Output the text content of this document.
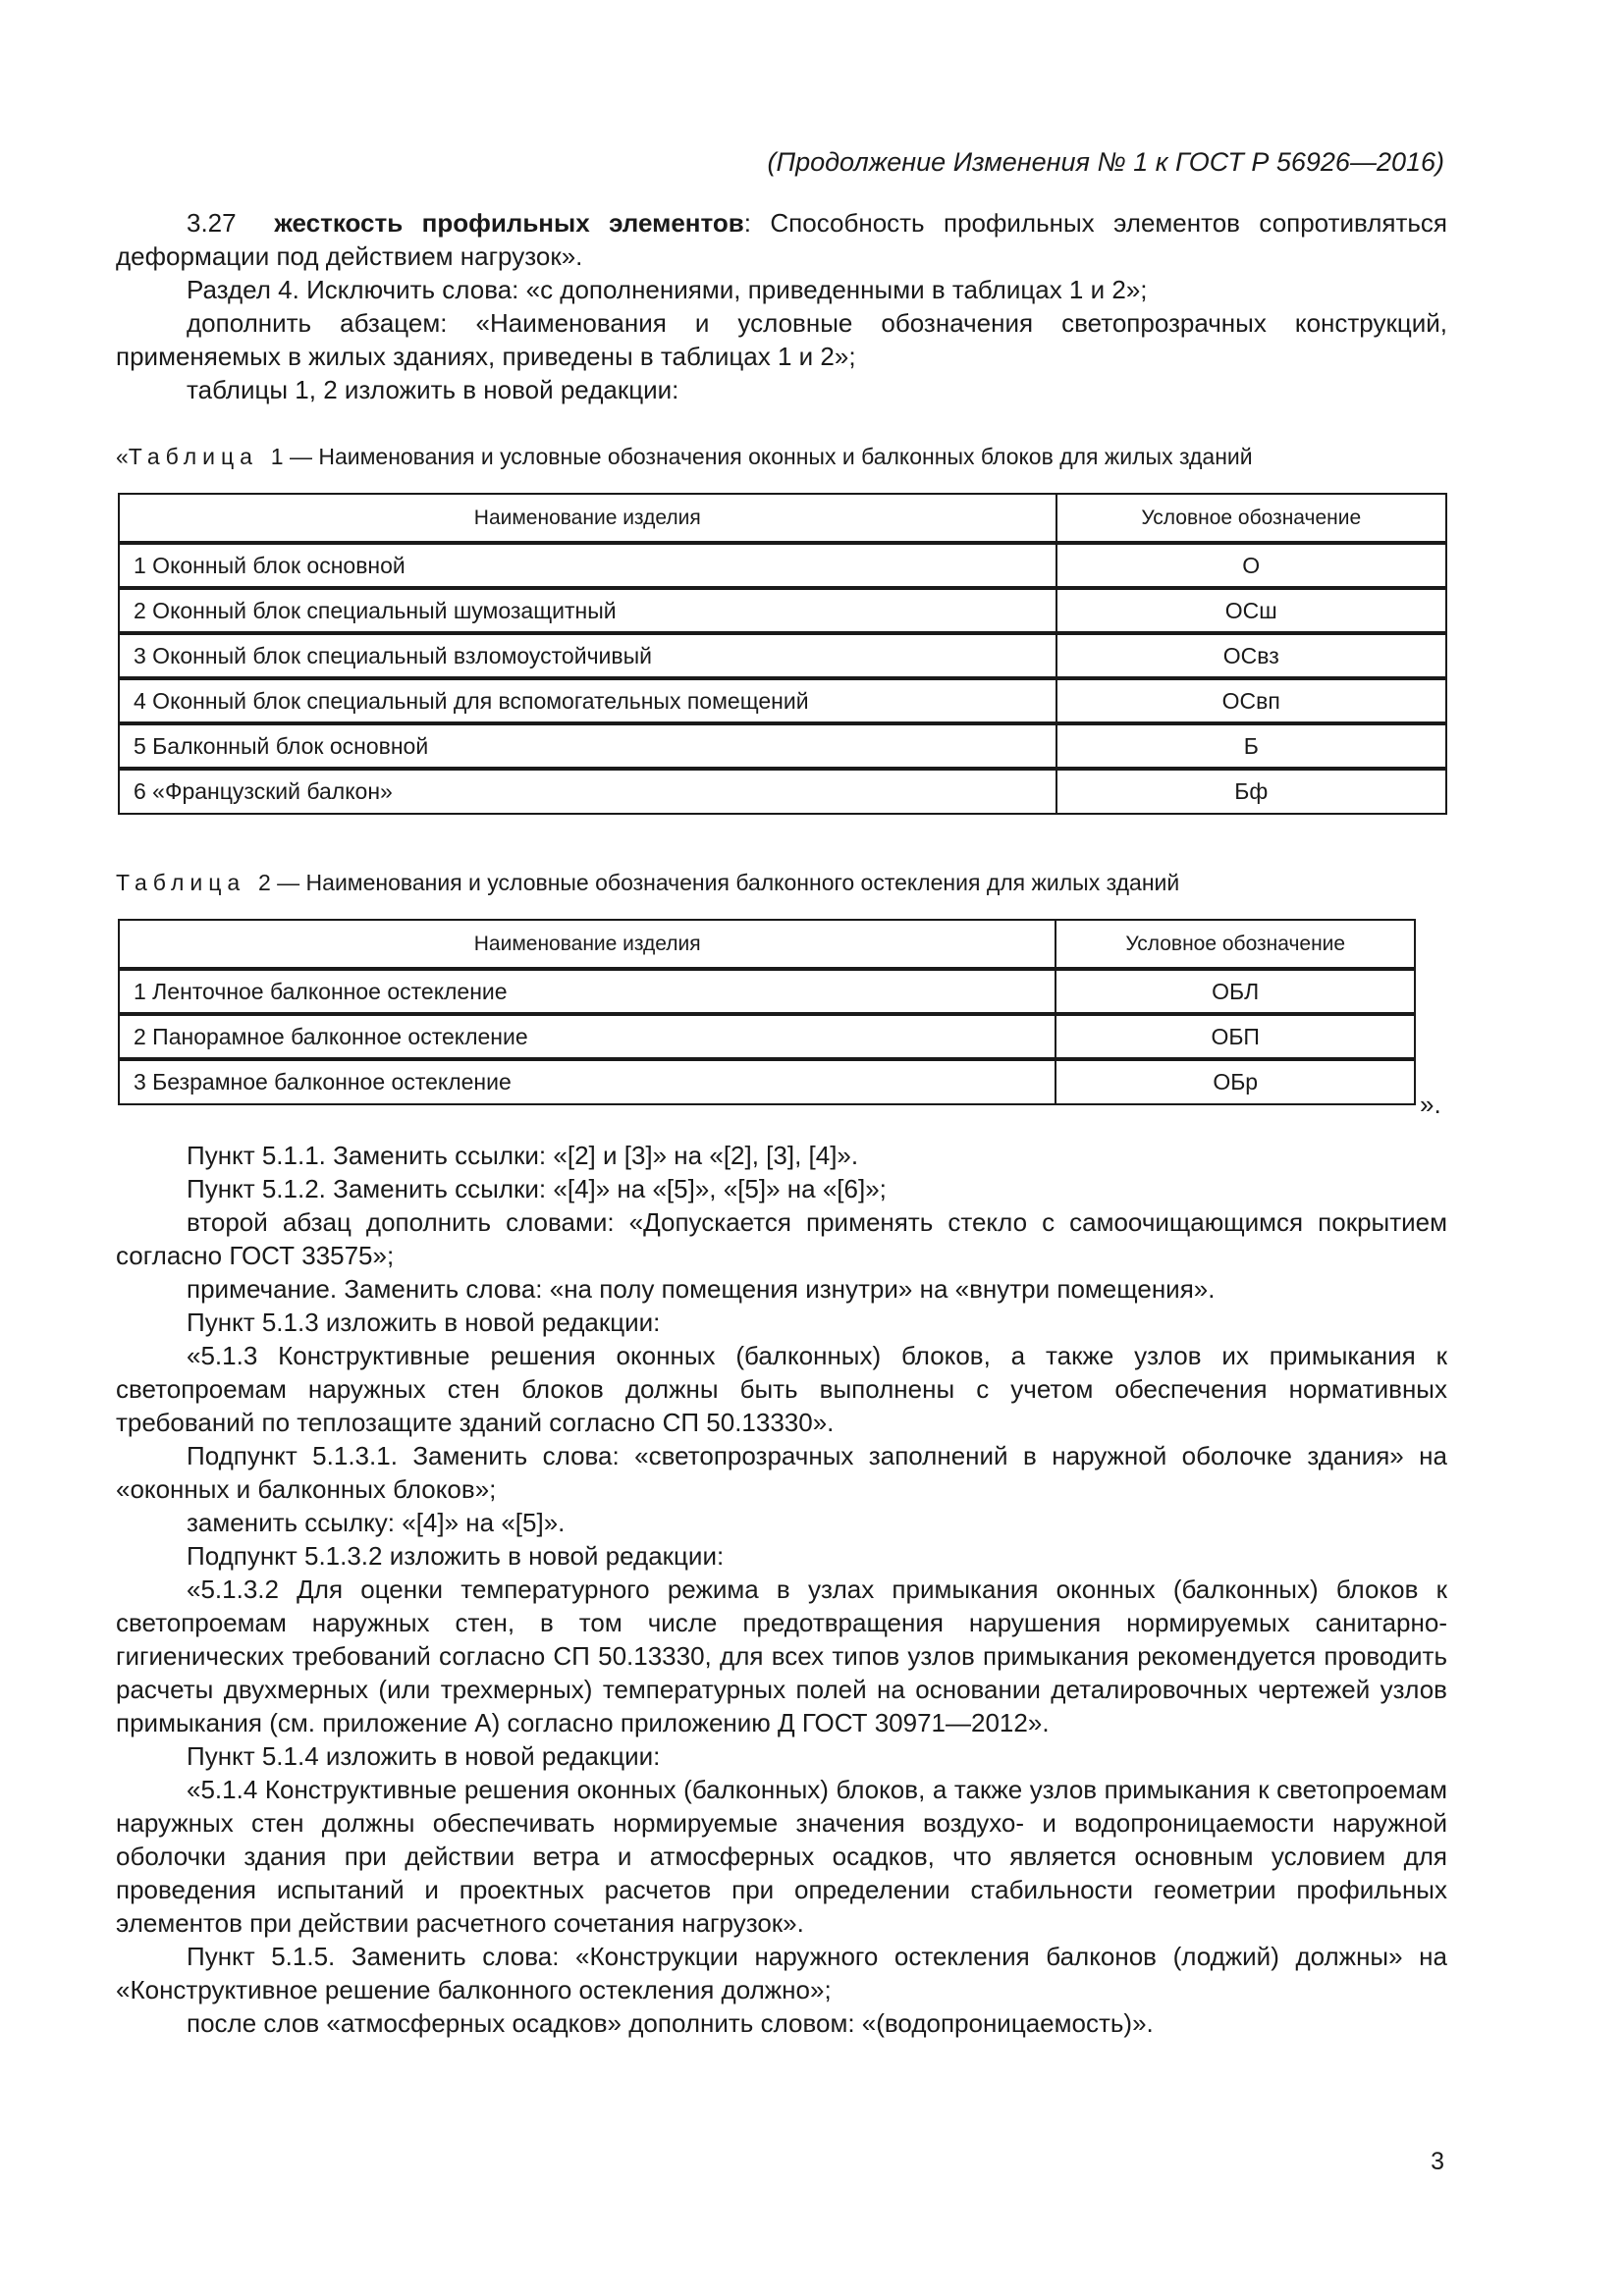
(Продолжение Изменения № 1 к ГОСТ Р 56926—2016)

3.27 жесткость профильных элементов: Способность профильных элементов сопротивляться деформации под действием нагрузок».

Раздел 4. Исключить слова: «с дополнениями, приведенными в таблицах 1 и 2»;

дополнить абзацем: «Наименования и условные обозначения светопрозрачных конструкций, применяемых в жилых зданиях, приведены в таблицах 1 и 2»;

таблицы 1, 2 изложить в новой редакции:

«Таблица 1 — Наименования и условные обозначения оконных и балконных блоков для жилых зданий
Наименование изделия	Условное обозначение
1 Оконный блок основной	О
2 Оконный блок специальный шумозащитный	ОСш
3 Оконный блок специальный взломоустойчивый	ОСвз
4 Оконный блок специальный для вспомогательных помещений	ОСвп
5 Балконный блок основной	Б
6 «Французский балкон»	Бф
Таблица 2 — Наименования и условные обозначения балконного остекления для жилых зданий
Наименование изделия	Условное обозначение
1 Ленточное балконное остекление	ОБЛ
2 Панорамное балконное остекление	ОБП
3 Безрамное балконное остекление	ОБр
».

Пункт 5.1.1. Заменить ссылки: «[2] и [3]» на «[2], [3], [4]».

Пункт 5.1.2. Заменить ссылки: «[4]» на «[5]», «[5]» на «[6]»;

второй абзац дополнить словами: «Допускается применять стекло с самоочищающимся покрытием согласно ГОСТ 33575»;

примечание. Заменить слова: «на полу помещения изнутри» на «внутри помещения».

Пункт 5.1.3 изложить в новой редакции:

«5.1.3 Конструктивные решения оконных (балконных) блоков, а также узлов их примыкания к светопроемам наружных стен блоков должны быть выполнены с учетом обеспечения нормативных требований по теплозащите зданий согласно СП 50.13330».

Подпункт 5.1.3.1. Заменить слова: «светопрозрачных заполнений в наружной оболочке здания» на «оконных и балконных блоков»;

заменить ссылку: «[4]» на «[5]».

Подпункт 5.1.3.2 изложить в новой редакции:

«5.1.3.2 Для оценки температурного режима в узлах примыкания оконных (балконных) блоков к светопроемам наружных стен, в том числе предотвращения нарушения нормируемых санитарно-гигиенических требований согласно СП 50.13330, для всех типов узлов примыкания рекомендуется проводить расчеты двухмерных (или трехмерных) температурных полей на основании деталировочных чертежей узлов примыкания (см. приложение А) согласно приложению Д ГОСТ 30971—2012».

Пункт 5.1.4 изложить в новой редакции:

«5.1.4 Конструктивные решения оконных (балконных) блоков, а также узлов примыкания к светопроемам наружных стен должны обеспечивать нормируемые значения воздухо- и водопроницаемости наружной оболочки здания при действии ветра и атмосферных осадков, что является основным условием для проведения испытаний и проектных расчетов при определении стабильности геометрии профильных элементов при действии расчетного сочетания нагрузок».

Пункт 5.1.5. Заменить слова: «Конструкции наружного остекления балконов (лоджий) должны» на «Конструктивное решение балконного остекления должно»;

после слов «атмосферных осадков» дополнить словом: «(водопроницаемость)».

3
